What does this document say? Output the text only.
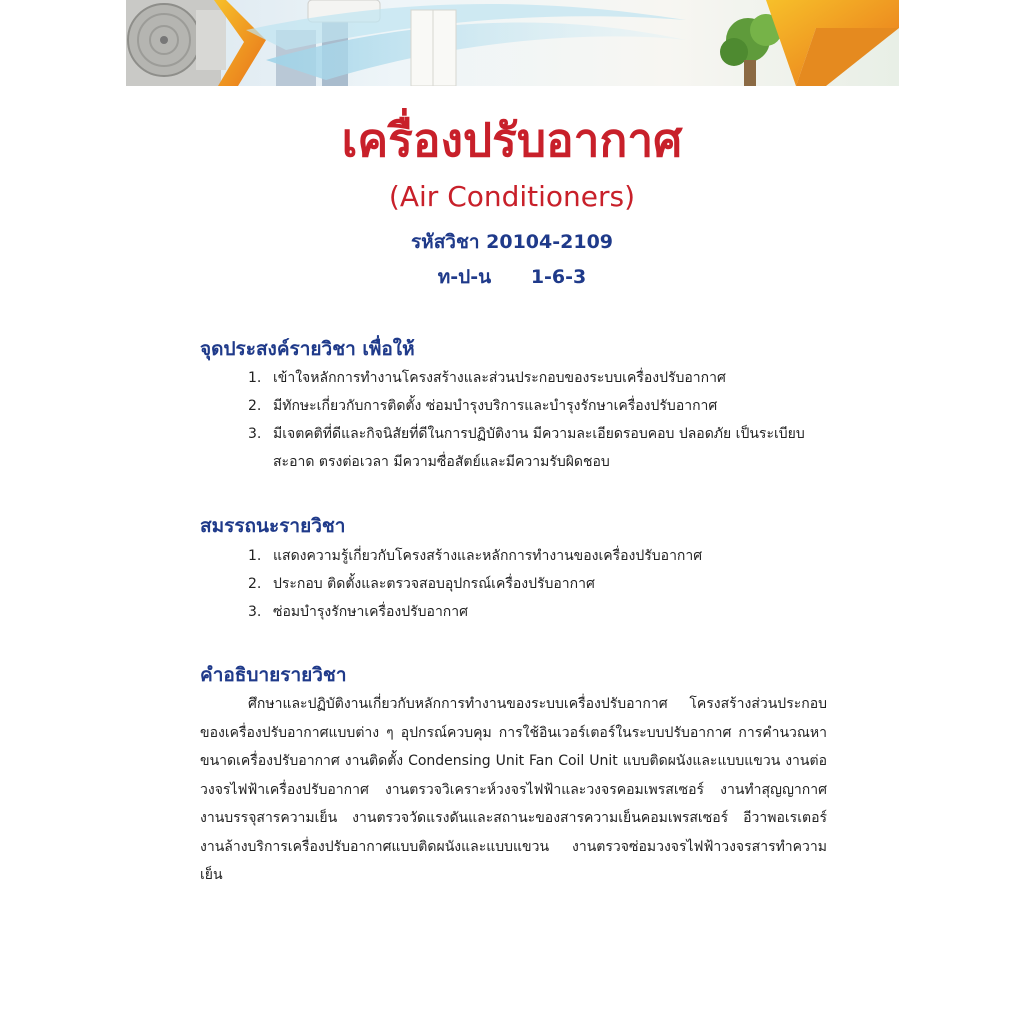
เครื่องปรับอากาศ
(Air Conditioners)
รหัสวิชา 20104-2109
ท-ป-น 1-6-3
จุดประสงค์รายวิชา เพื่อให้
1. เข้าใจหลักการทำงานโครงสร้างและส่วนประกอบของระบบเครื่องปรับอากาศ
2. มีทักษะเกี่ยวกับการติดตั้ง ซ่อมบำรุงบริการและบำรุงรักษาเครื่องปรับอากาศ
3. มีเจตคติที่ดีและกิจนิสัยที่ดีในการปฏิบัติงาน มีความละเอียดรอบคอบ ปลอดภัย เป็นระเบียบ สะอาด ตรงต่อเวลา มีความซื่อสัตย์และมีความรับผิดชอบ
สมรรถนะรายวิชา
1. แสดงความรู้เกี่ยวกับโครงสร้างและหลักการทำงานของเครื่องปรับอากาศ
2. ประกอบ ติดตั้งและตรวจสอบอุปกรณ์เครื่องปรับอากาศ
3. ซ่อมบำรุงรักษาเครื่องปรับอากาศ
คำอธิบายรายวิชา

ศึกษาและปฏิบัติงานเกี่ยวกับหลักการทำงานของระบบเครื่องปรับอากาศ โครงสร้างส่วนประกอบของเครื่องปรับอากาศแบบต่าง ๆ อุปกรณ์ควบคุม การใช้อินเวอร์เตอร์ในระบบปรับอากาศ การคำนวณหาขนาดเครื่องปรับอากาศ งานติดตั้ง Condensing Unit Fan Coil Unit แบบติดผนังและแบบแขวน งานต่อวงจรไฟฟ้าเครื่องปรับอากาศ งานตรวจวิเคราะห์วงจรไฟฟ้าและวงจรคอมเพรสเซอร์ งานทำสุญญากาศ งานบรรจุสารความเย็น งานตรวจวัดแรงดันและสถานะของสารความเย็นคอมเพรสเซอร์ อีวาพอเรเตอร์ งานล้างบริการเครื่องปรับอากาศแบบติดผนังและแบบแขวน งานตรวจซ่อมวงจรไฟฟ้าวงจรสารทำความเย็น
